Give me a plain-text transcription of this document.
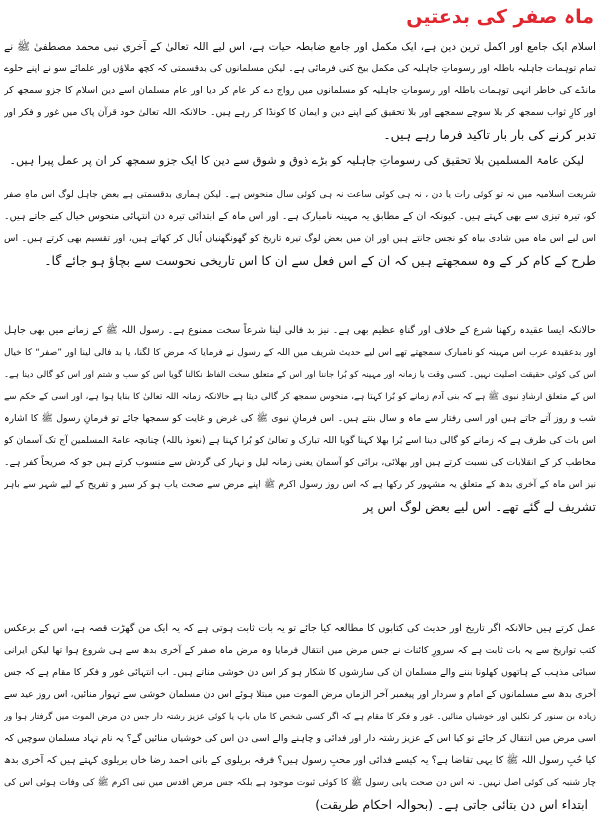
ماہ صفر کی بدعتیں
اسلام ایک جامع اور اکمل ترین دین ہے، ایک مکمل اور جامع ضابطہ حیات ہے، اس لیے اللہ تعالیٰ کے آخری نبی محمد مصطفیٰ ﷺ نے
تمام توہمات جاہلیہ باطلہ اور رسوماتِ جاہلیہ کی مکمل بیخ کنی فرمائی ہے۔ لیکن مسلمانوں کی بدقسمتی کہ کچھ ملاؤں اور علمائے سو نے اپنے حلوے
مانڈے کی خاطر انہی توہمات باطلہ اور رسوماتِ جاہلیہ کو مسلمانوں میں رواج دے کر عام کر دیا اور عام مسلمان اسے دین اسلام کا جزو سمجھ کر
اور کارِ ثواب سمجھ کر بلا سوچے سمجھے اور بلا تحقیق کیے اپنے دین و ایمان کا کونڈا کر رہے ہیں۔ حالانکہ اللہ تعالیٰ خود قرآن پاک میں غور و فکر اور
تدبر کرنے کی بار بار تاکید فرما رہے ہیں۔
لیکن عامۃ المسلمین بلا تحقیق کی رسوماتِ جاہلیہ کو بڑے ذوق و شوق سے دین کا ایک جزو سمجھ کر ان پر عمل پیرا ہیں۔
شریعت اسلامیہ میں نہ تو کوئی رات یا دن ، نہ ہی کوئی ساعت نہ ہی کوئی سال منحوس ہے۔ لیکن ہماری بدقسمتی ہے بعض جاہل لوگ اس ماہِ صفر
کو، تیرہ تیزی سے بھی کہتے ہیں۔ کیونکہ ان کے مطابق یہ مہینہ نامبارک ہے۔ اور اس ماہ کے ابتدائی تیرہ دن انتہائی منحوس خیال کیے جاتے ہیں۔
اس لیے اس ماہ میں شادی بیاہ کو نجس جانتے ہیں اور ان میں بعض لوگ تیرہ تاریخ کو گھونگھنیاں اُبال کر کھاتے ہیں، اور تقسیم بھی کرتے ہیں۔ اس
طرح کے کام کر کے وہ سمجھتے ہیں کہ ان کے اس فعل سے ان کا اس تاریخی نحوست سے بچاؤ ہو جائے گا۔
حالانکہ ایسا عقیدہ رکھنا شرع کے خلاف اور گناہِ عظیم بھی ہے۔ نیز بد فالی لینا شرعاً سخت ممنوع ہے۔ رسول اللہ ﷺ کے زمانے میں بھی جاہل
اور بدعقیدہ عرب اس مہینہ کو نامبارک سمجھتے تھے اس لیے حدیث شریف میں اللہ کے رسول نے فرمایا کہ مرض کا لگنا، یا بد فالی لینا اور ”صفر“ کا خیال
اس کی کوئی حقیقت اصلیت نہیں۔ کسی وقت یا زمانہ اور مہینہ کو بُرا جاننا اور اس کے متعلق سخت الفاظ نکالنا گویا اس کو سب و شتم اور اس کو گالی دینا ہے۔
اس کے متعلق ارشادِ نبوی ﷺ ہے کہ بنی آدم زمانے کو بُرا کہتا ہے، منحوس سمجھ کر گالی دیتا ہے حالانکہ زمانہ اللہ تعالیٰ کا بنایا ہوا ہے، اور اسی کے حکم سے
شب و روز آتے جاتے ہیں اور اسی رفتار سے ماہ و سال بنتے ہیں۔ اس فرمانِ نبوی ﷺ کی غرض و غایت کو سمجھا جائے تو فرمانِ رسول ﷺ کا اشارہ
اس بات کی طرف ہے کہ زمانے کو گالی دینا اسے بُرا بھلا کہنا گویا اللہ تبارک و تعالیٰ کو بُرا کہنا ہے (نعوذ باللہ) چنانچہ عامۃ المسلمین آج تک آسمان کو
مخاطب کر کے انقلابات کی نسبت کرتے ہیں اور بھلائی، برائی کو آسمان یعنی زمانہ لیل و نہار کی گردش سے منسوب کرتے ہیں جو کہ صریحاً کفر ہے۔
نیز اس ماہ کے آخری بدھ کے متعلق یہ مشہور کر رکھا ہے کہ اس روز رسول اکرم ﷺ اپنے مرض سے صحت یاب ہو کر سیر و تفریح کے لیے شہر سے باہر
تشریف لے گئے تھے۔ اس لیے بعض لوگ اس پر
عمل کرتے ہیں حالانکہ اگر تاریخ اور حدیث کی کتابوں کا مطالعہ کیا جائے تو یہ بات ثابت ہوتی ہے کہ یہ ایک من گھڑت قصہ ہے، اس کے برعکس
کتب تواریخ سے یہ بات ثابت ہے کہ سرورِ کائنات نے جس مرض میں انتقال فرمایا وہ مرض ماہ صفر کے آخری بدھ سے ہی شروع ہوا تھا لیکن ایرانی
سبائی مذہب کے ہاتھوں کھلونا بننے والے مسلمان ان کی سازشوں کا شکار ہو کر اس دن خوشی مناتے ہیں۔ اب انتہائی غور و فکر کا مقام ہے کہ جس
آخری بدھ سے مسلمانوں کے امام و سردار اور پیغمبر آخر الزماں مرض الموت میں مبتلا ہوئے اس دن مسلمان خوشی سے تہوار منائیں، اس روز عید سے
زیادہ بن سنور کر نکلیں اور خوشیاں منائیں۔ غور و فکر کا مقام ہے کہ اگر کسی شخص کا ماں باپ یا کوئی عزیز رشتہ دار جس دن مرض الموت میں گرفتار ہوا ور
اسی مرض میں انتقال کر جائے تو کیا اس کے عزیز رشتہ دار اور فدائی و چاہنے والے اسی دن اس کی خوشیاں منائیں گے؟ یہ نام نہاد مسلمان سوچیں کہ
کیا حُبِ رسول اللہ ﷺ کا یہی تقاضا ہے؟ یہ کیسے فدائی اور محبِ رسول ہیں؟ فرقہ بریلوی کے بانی احمد رضا خاں بریلوی کہتے ہیں کہ آخری بدھ
چار شنبہ کی کوئی اصل نہیں۔ نہ اس دن صحت یابی رسول ﷺ کا کوئی ثبوت موجود ہے بلکہ جس مرض اقدس میں نبی اکرم ﷺ کی وفات ہوئی اس کی
ابتداء اس دن بتائی جاتی ہے۔ (بحوالہ احکام طریقت)
